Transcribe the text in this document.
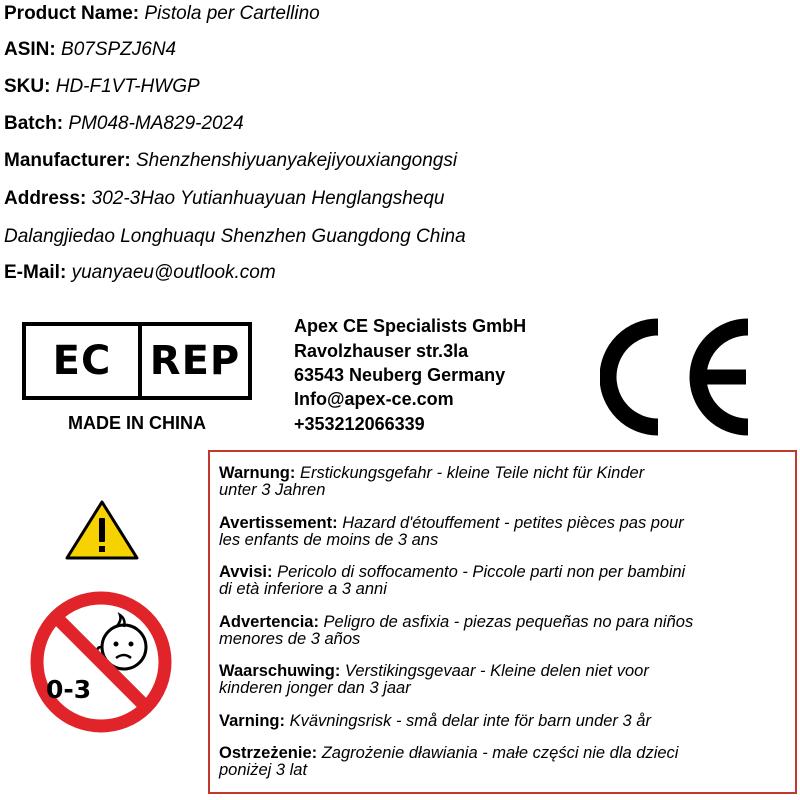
Product Name: Pistola per Cartellino
ASIN: B07SPZJ6N4
SKU: HD-F1VT-HWGP
Batch: PM048-MA829-2024
Manufacturer: Shenzhenshiyuanyakejiyouxiangongsi
Address: 302-3Hao Yutianhuayuan Henglangshequ
Dalangjiedao Longhuaqu Shenzhen Guangdong China
E-Mail: yuanyaeu@outlook.com
EC REP
MADE IN CHINA
Apex CE Specialists GmbH
Ravolzhauser str.3la
63543 Neuberg Germany
Info@apex-ce.com
+353212066339
0-3
Warnung: Erstickungsgefahr - kleine Teile nicht für Kinder
unter 3 Jahren
Avertissement: Hazard d'étouffement - petites pièces pas pour
les enfants de moins de 3 ans
Avvisi: Pericolo di soffocamento - Piccole parti non per bambini
di età inferiore a 3 anni
Advertencia: Peligro de asfixia - piezas pequeñas no para niños
menores de 3 años
Waarschuwing: Verstikingsgevaar - Kleine delen niet voor
kinderen jonger dan 3 jaar
Varning: Kvävningsrisk - små delar inte för barn under 3 år
Ostrzeżenie: Zagrożenie dławiania - małe części nie dla dzieci
poniżej 3 lat
